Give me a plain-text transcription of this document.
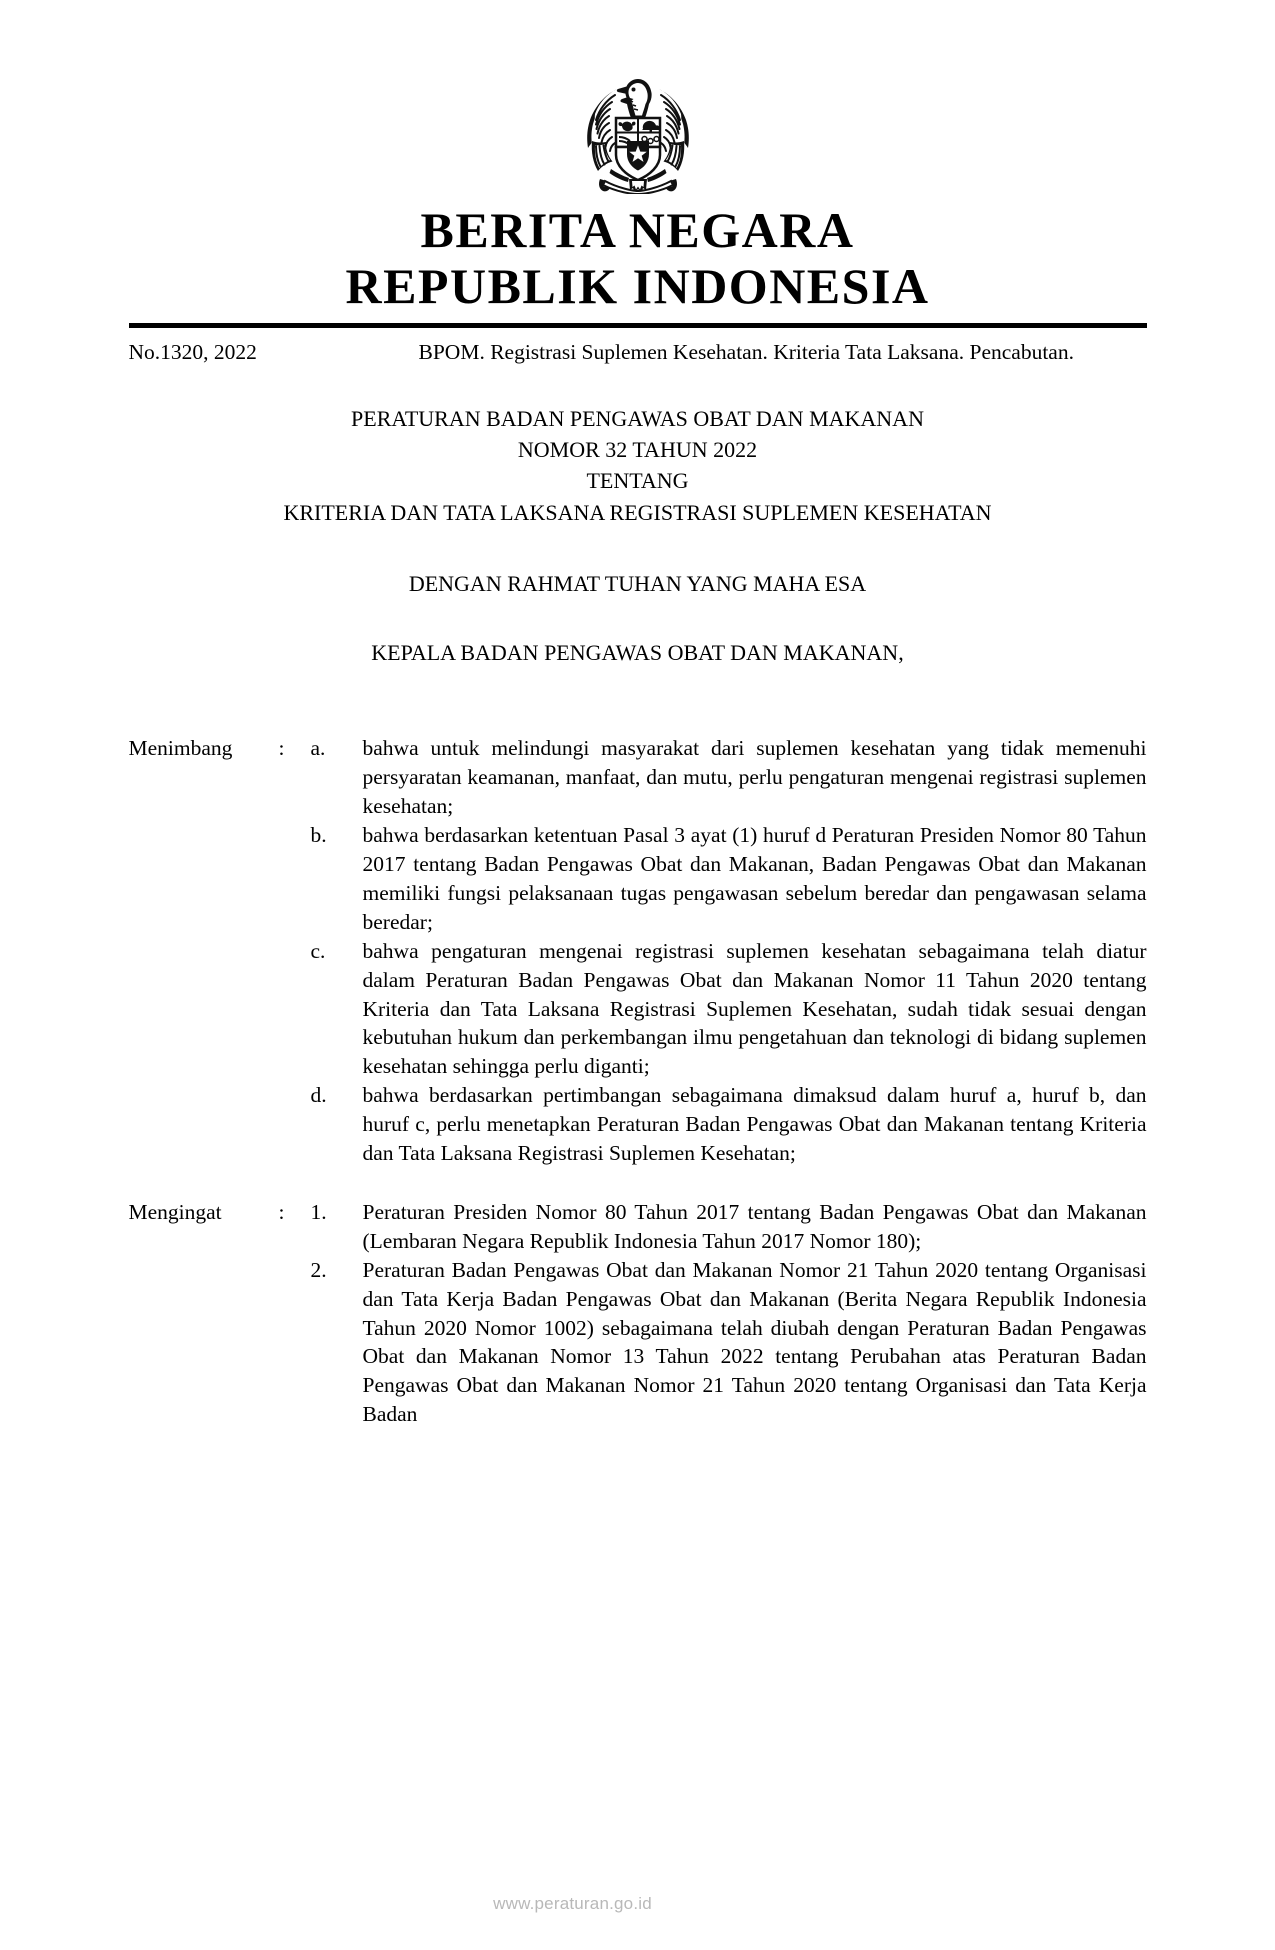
BERITA NEGARA
REPUBLIK INDONESIA
No.1320, 2022	BPOM. Registrasi Suplemen Kesehatan. Kriteria Tata Laksana. Pencabutan.
PERATURAN BADAN PENGAWAS OBAT DAN MAKANAN
NOMOR 32 TAHUN 2022
TENTANG
KRITERIA DAN TATA LAKSANA REGISTRASI SUPLEMEN KESEHATAN
DENGAN RAHMAT TUHAN YANG MAHA ESA
KEPALA BADAN PENGAWAS OBAT DAN MAKANAN,
Menimbang	:	a.	bahwa untuk melindungi masyarakat dari suplemen kesehatan yang tidak memenuhi persyaratan keamanan, manfaat, dan mutu, perlu pengaturan mengenai registrasi suplemen kesehatan;
b.	bahwa berdasarkan ketentuan Pasal 3 ayat (1) huruf d Peraturan Presiden Nomor 80 Tahun 2017 tentang Badan Pengawas Obat dan Makanan, Badan Pengawas Obat dan Makanan memiliki fungsi pelaksanaan tugas pengawasan sebelum beredar dan pengawasan selama beredar;
c.	bahwa pengaturan mengenai registrasi suplemen kesehatan sebagaimana telah diatur dalam Peraturan Badan Pengawas Obat dan Makanan Nomor 11 Tahun 2020 tentang Kriteria dan Tata Laksana Registrasi Suplemen Kesehatan, sudah tidak sesuai dengan kebutuhan hukum dan perkembangan ilmu pengetahuan dan teknologi di bidang suplemen kesehatan sehingga perlu diganti;
d.	bahwa berdasarkan pertimbangan sebagaimana dimaksud dalam huruf a, huruf b, dan huruf c, perlu menetapkan Peraturan Badan Pengawas Obat dan Makanan tentang Kriteria dan Tata Laksana Registrasi Suplemen Kesehatan;
Mengingat	:	1.	Peraturan Presiden Nomor 80 Tahun 2017 tentang Badan Pengawas Obat dan Makanan (Lembaran Negara Republik Indonesia Tahun 2017 Nomor 180);
2.	Peraturan Badan Pengawas Obat dan Makanan Nomor 21 Tahun 2020 tentang Organisasi dan Tata Kerja Badan Pengawas Obat dan Makanan (Berita Negara Republik Indonesia Tahun 2020 Nomor 1002) sebagaimana telah diubah dengan Peraturan Badan Pengawas Obat dan Makanan Nomor 13 Tahun 2022 tentang Perubahan atas Peraturan Badan Pengawas Obat dan Makanan Nomor 21 Tahun 2020 tentang Organisasi dan Tata Kerja Badan
www.peraturan.go.id
